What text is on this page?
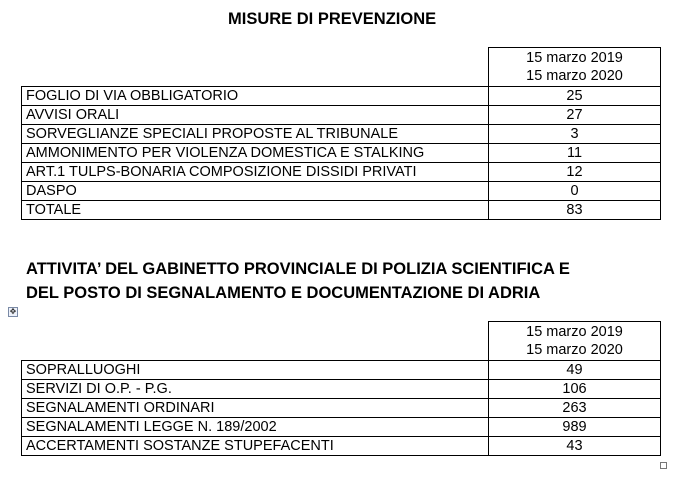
MISURE DI PREVENZIONE

	15 marzo 2019
15 marzo 2020

FOGLIO DI VIA OBBLIGATORIO	25
AVVISI ORALI	27
SORVEGLIANZE SPECIALI PROPOSTE AL TRIBUNALE	3
AMMONIMENTO PER VIOLENZA DOMESTICA E STALKING	11
ART.1 TULPS-BONARIA COMPOSIZIONE DISSIDI PRIVATI	12
DASPO	0
TOTALE	83
ATTIVITA’ DEL GABINETTO PROVINCIALE DI POLIZIA SCIENTIFICA E
DEL POSTO DI SEGNALAMENTO E DOCUMENTAZIONE DI ADRIA
✥

	15 marzo 2019
15 marzo 2020

SOPRALLUOGHI	49
SERVIZI DI O.P. - P.G.	106
SEGNALAMENTI ORDINARI	263
SEGNALAMENTI LEGGE N. 189/2002	989
ACCERTAMENTI SOSTANZE STUPEFACENTI	43
